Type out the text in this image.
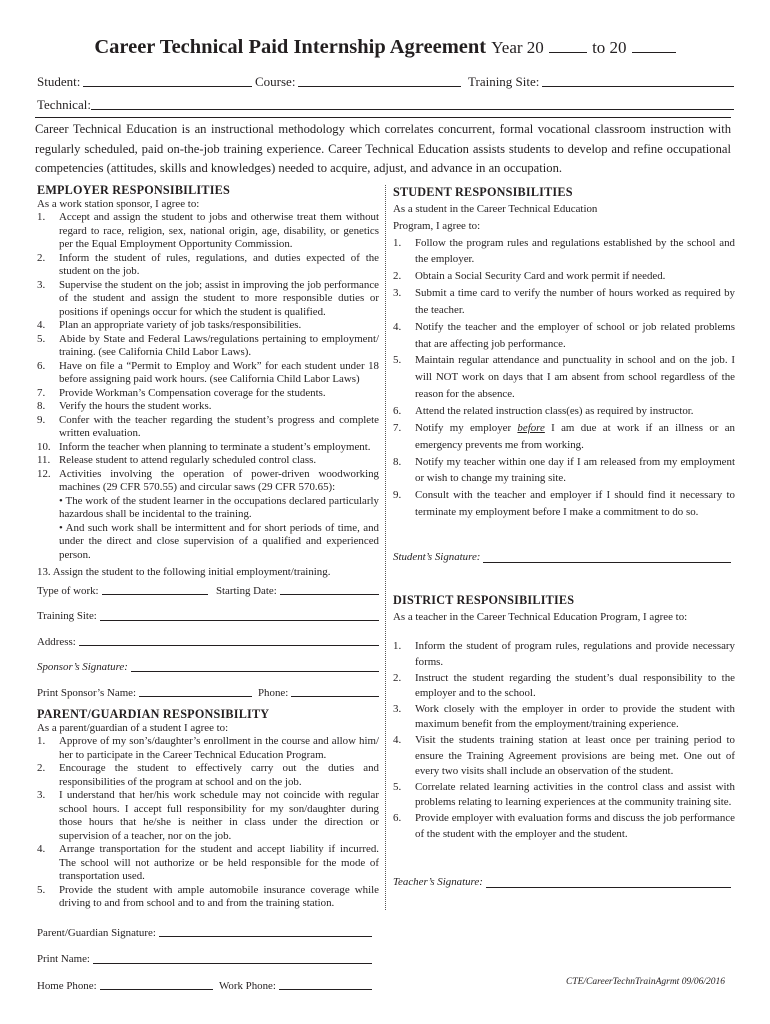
Career Technical Paid Internship Agreement Year 20	to 20
Student:	Course:	Training Site:
Technical:
Career Technical Education is an instructional methodology which correlates concurrent, formal vocational classroom instruction with regularly scheduled, paid on-the-job training experience. Career Technical Education assists students to develop and refine occupational competencies (attitudes, skills and knowledges) needed to acquire, adjust, and advance in an occupation.
EMPLOYER RESPONSIBILITIES

As a work station sponsor, I agree to:

1.	Accept and assign the student to jobs and otherwise treat them without regard to race, religion, sex, national origin, age, disability, or genetics per the Equal Employment Opportunity Commission.
2.	Inform the student of rules, regulations, and duties expected of the student on the job.
3.	Supervise the student on the job; assist in improving the job performance of the student and assign the student to more responsible duties or positions if openings occur for which the student is qualified.
4.	Plan an appropriate variety of job tasks/responsibilities.
5.	Abide by State and Federal Laws/regulations pertaining to employment/ training. (see California Child Labor Laws).
6.	Have on file a “Permit to Employ and Work” for each student under 18 before assigning paid work hours. (see California Child Labor Laws)
7.	Provide Workman’s Compensation coverage for the students.
8.	Verify the hours the student works.
9.	Confer with the teacher regarding the student’s progress and complete written evaluation.
10. Inform the teacher when planning to terminate a student’s employment.
11. Release student to attend regularly scheduled control class.
12. Activities involving the operation of power-driven woodworking machines (29 CFR 570.55) and circular saws (29 CFR 570.65):

• The work of the student learner in the occupations declared particularly hazardous shall be incidental to the training.

• And such work shall be intermittent and for short periods of time, and under the direct and close supervision of a qualified and experienced person.

13. Assign the student to the following initial employment/training.

Type of work:	Starting Date:
Training Site:
Address:
Sponsor’s Signature:
Print Sponsor’s Name:	Phone:
PARENT/GUARDIAN RESPONSIBILITY

As a parent/guardian of a student I agree to:

1.	Approve of my son’s/daughter’s enrollment in the course and allow him/ her to participate in the Career Technical Education Program.
2.	Encourage the student to effectively carry out the duties and responsibilities of the program at school and on the job.
3.	I understand that her/his work schedule may not coincide with regular school hours. I accept full responsibility for my son/daughter during those hours that he/she is neither in class under the direction or supervision of a teacher, nor on the job.
4.	Arrange transportation for the student and accept liability if incurred. The school will not authorize or be held responsible for the mode of transportation used.
5.	Provide the student with ample automobile insurance coverage while driving to and from school and to and from the training station.
Parent/Guardian Signature:
Print Name:
Home Phone:	Work Phone:
STUDENT RESPONSIBILITIES

As a student in the Career Technical Education Program, I agree to:

1.	Follow the program rules and regulations established by the school and the employer.
2.	Obtain a Social Security Card and work permit if needed.
3.	Submit a time card to verify the number of hours worked as required by the teacher.
4.	Notify the teacher and the employer of school or job related problems that are affecting job performance.
5.	Maintain regular attendance and punctuality in school and on the job. I will NOT work on days that I am absent from school regardless of the reason for the absence.
6.	Attend the related instruction class(es) as required by instructor.
7.	Notify my employer before I am due at work if an illness or an emergency prevents me from working.
8.	Notify my teacher within one day if I am released from my employment or wish to change my training site.
9.	Consult with the teacher and employer if I should find it necessary to terminate my employment before I make a commitment to do so.
Student’s Signature:
DISTRICT RESPONSIBILITIES

As a teacher in the Career Technical Education Program, I agree to:

1.	Inform the student of program rules, regulations and provide necessary forms.
2.	Instruct the student regarding the student’s dual responsibility to the employer and to the school.
3.	Work closely with the employer in order to provide the student with maximum benefit from the employment/training experience.
4.	Visit the students training station at least once per training period to ensure the Training Agreement provisions are being met. One out of every two visits shall include an observation of the student.
5.	Correlate related learning activities in the control class and assist with problems relating to learning experiences at the community training site.
6.	Provide employer with evaluation forms and discuss the job performance of the student with the employer and the student.
Teacher’s Signature:
CTE/CareerTechnTrainAgrmt 09/06/2016
